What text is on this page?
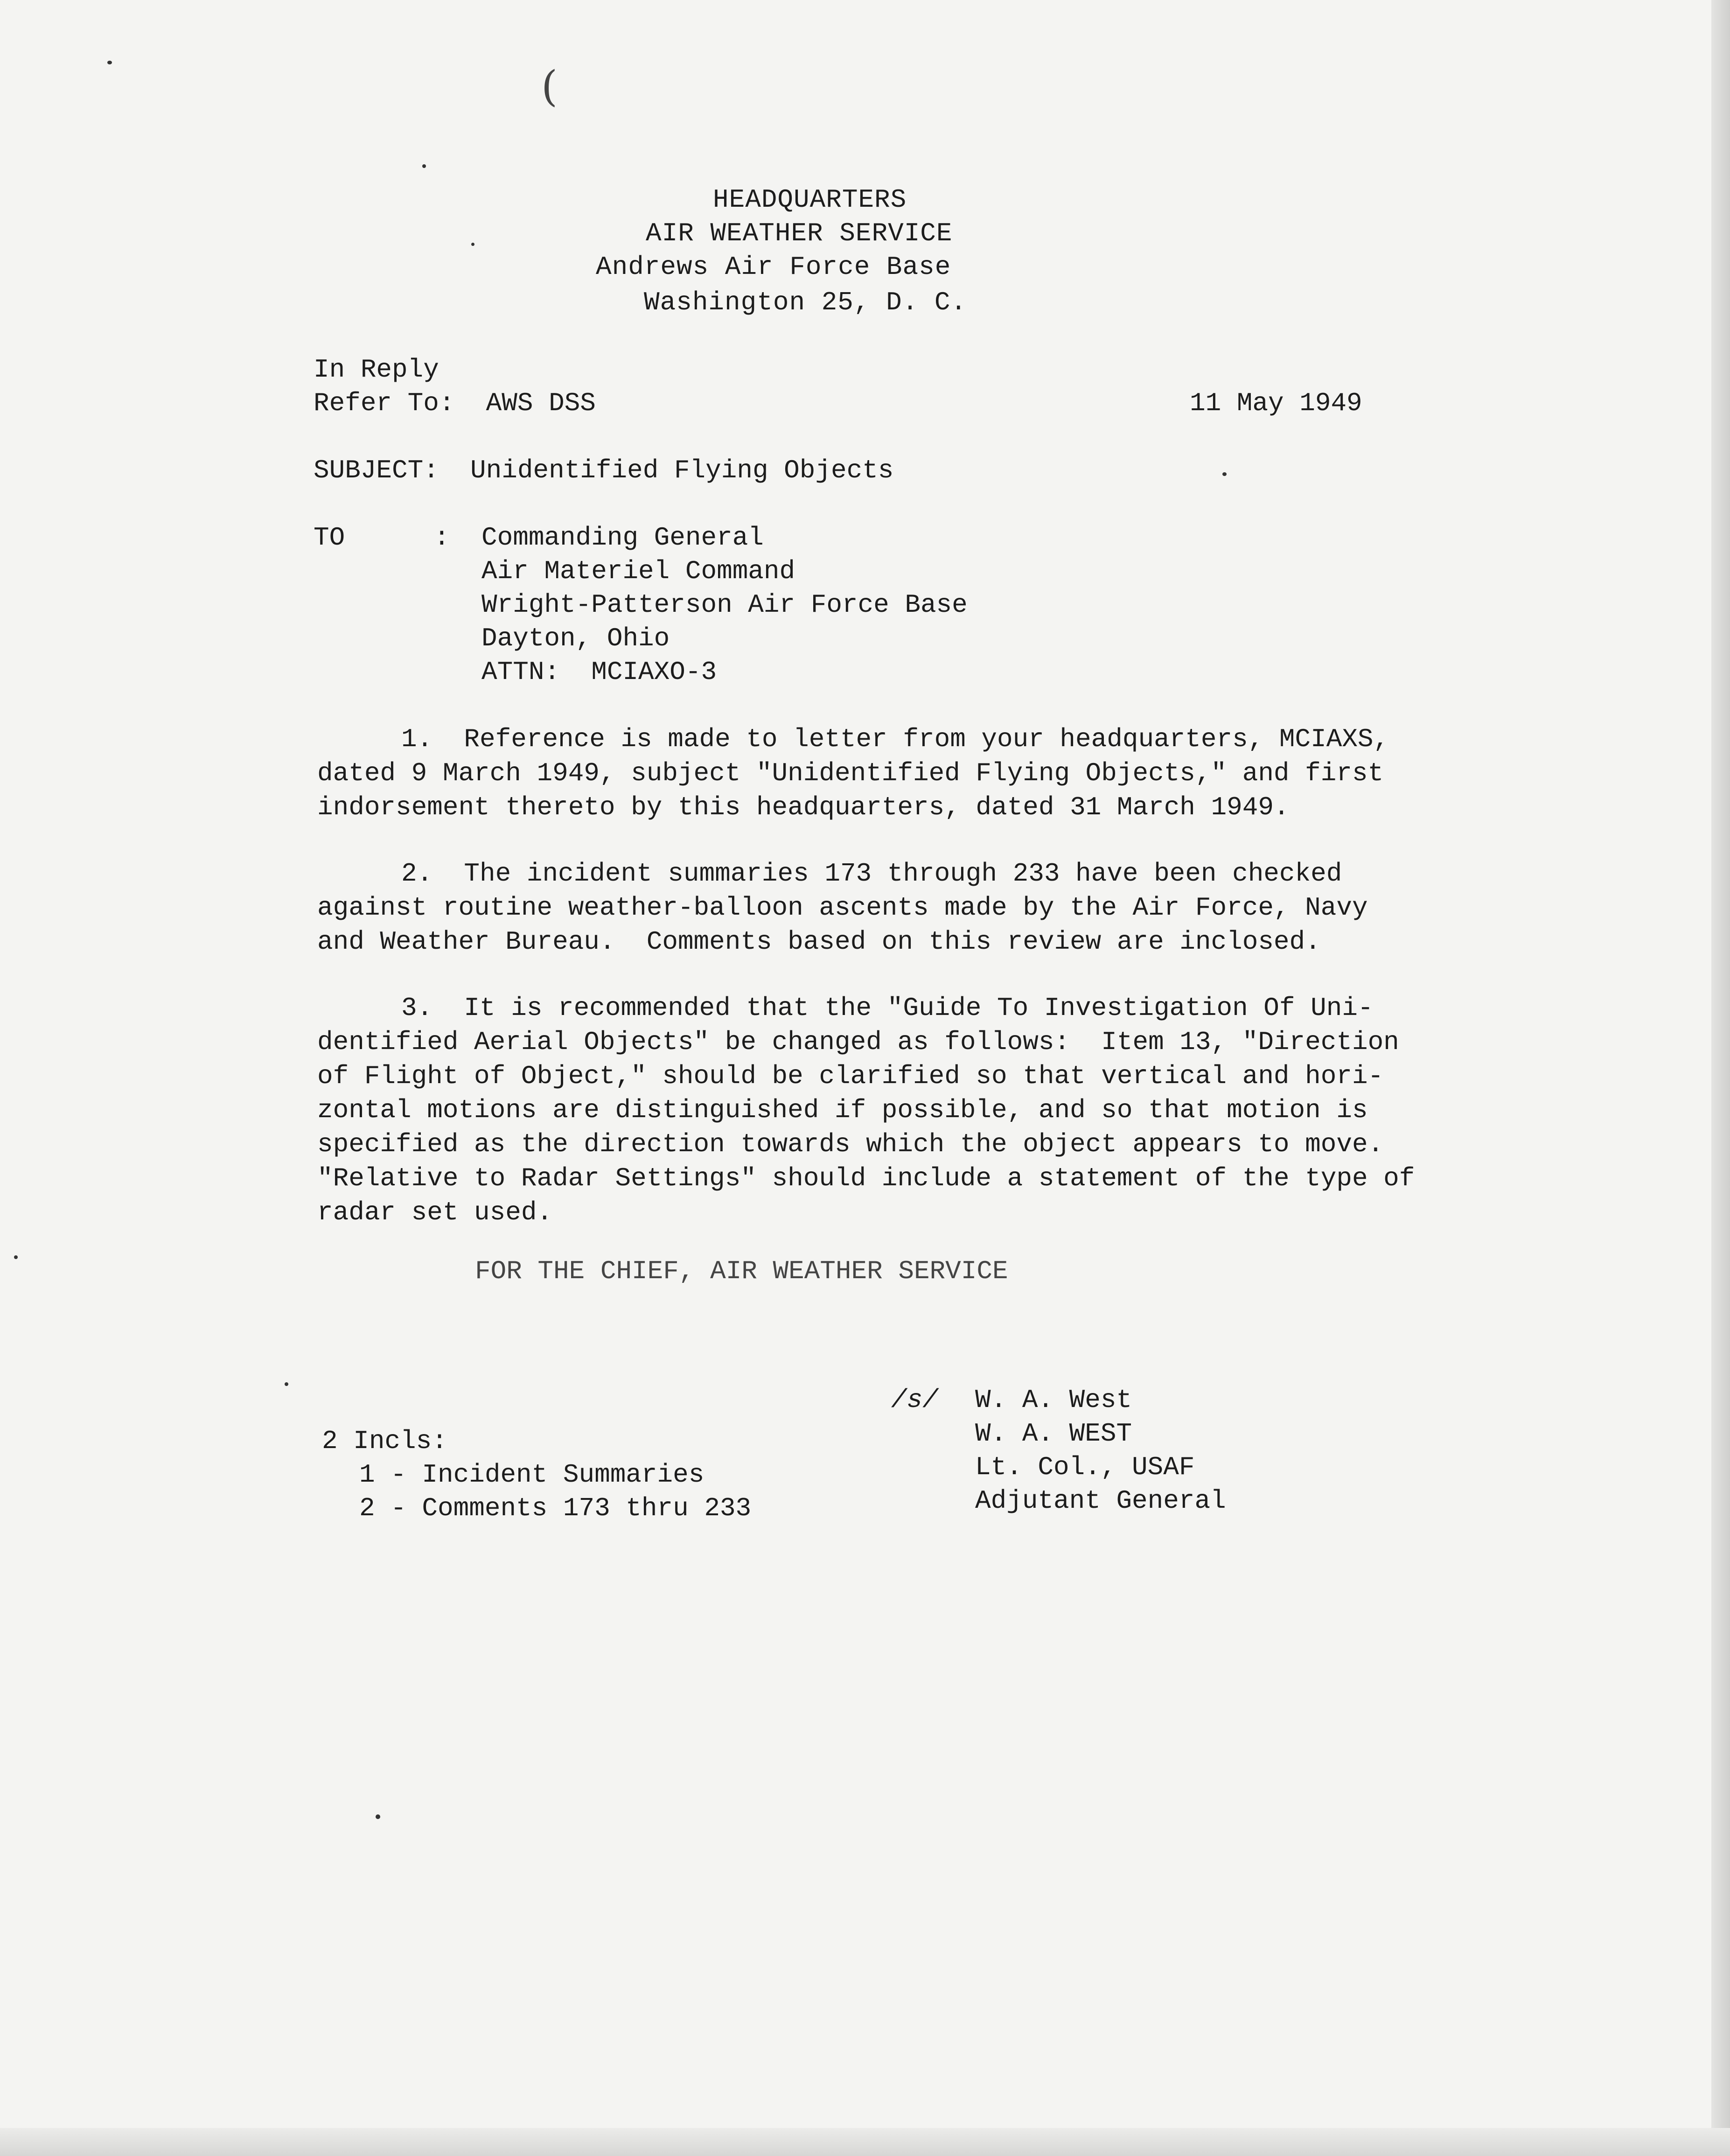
(
HEADQUARTERS
AIR WEATHER SERVICE
Andrews Air Force Base
Washington 25, D. C.
In Reply
Refer To:  AWS DSS	11 May 1949
SUBJECT:  Unidentified Flying Objects
TO	: Commanding General
Air Materiel Command
Wright-Patterson Air Force Base
Dayton, Ohio
ATTN:  MCIAXO-3
1.  Reference is made to letter from your headquarters, MCIAXS,
dated 9 March 1949, subject "Unidentified Flying Objects," and first
indorsement thereto by this headquarters, dated 31 March 1949.
2.  The incident summaries 173 through 233 have been checked
against routine weather-balloon ascents made by the Air Force, Navy
and Weather Bureau.  Comments based on this review are inclosed.
3.  It is recommended that the "Guide To Investigation Of Uni-
dentified Aerial Objects" be changed as follows:  Item 13, "Direction
of Flight of Object," should be clarified so that vertical and hori-
zontal motions are distinguished if possible, and so that motion is
specified as the direction towards which the object appears to move.
"Relative to Radar Settings" should include a statement of the type of
radar set used.
FOR THE CHIEF, AIR WEATHER SERVICE
/s/ W. A. West
W. A. WEST
Lt. Col., USAF
Adjutant General
2 Incls:
1 - Incident Summaries
2 - Comments 173 thru 233
